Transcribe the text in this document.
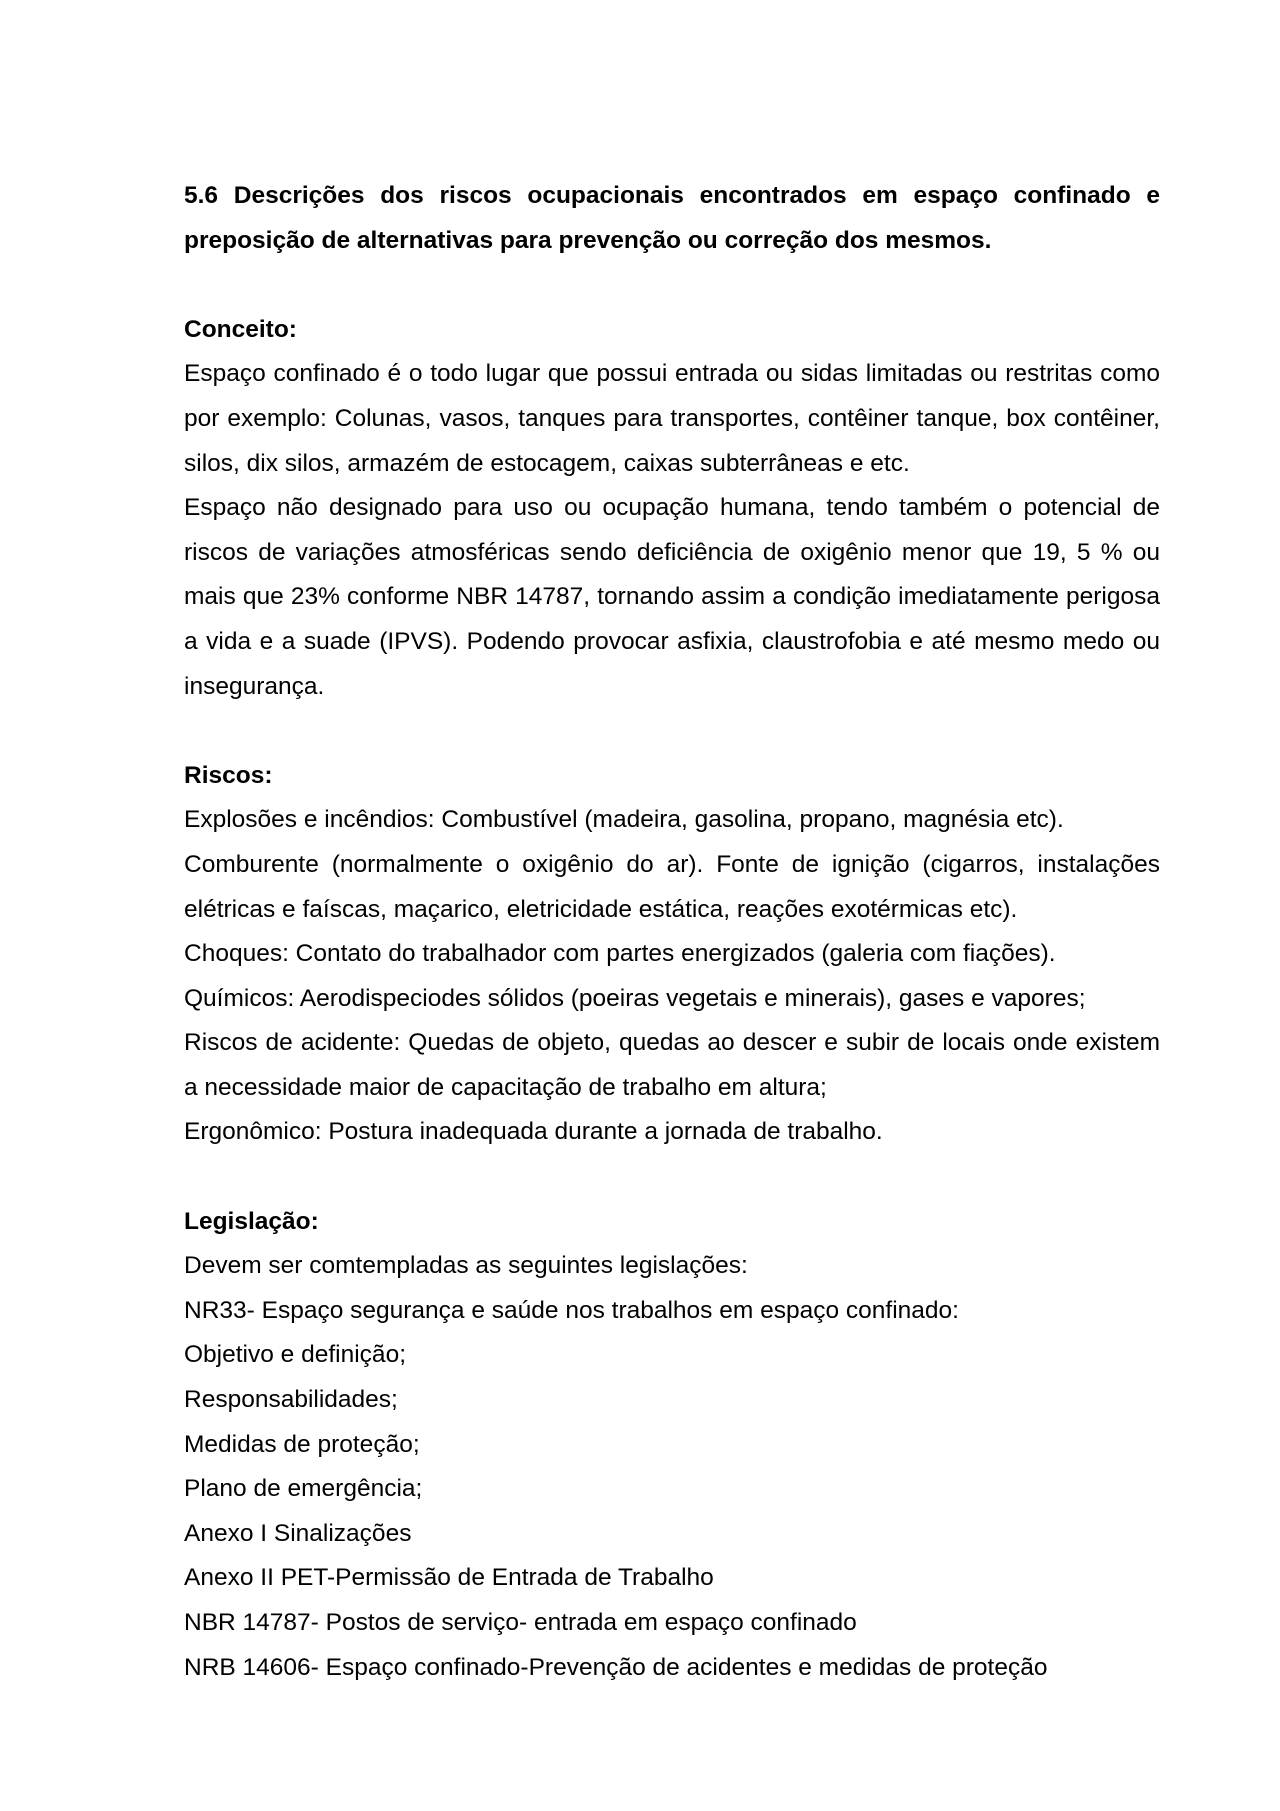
5.6 Descrições dos riscos ocupacionais encontrados em espaço confinado e preposição de alternativas para prevenção ou correção dos mesmos.

Conceito:

Espaço confinado é o todo lugar que possui entrada ou sidas limitadas ou restritas como por exemplo: Colunas, vasos, tanques para transportes, contêiner tanque, box contêiner, silos, dix silos, armazém de estocagem, caixas subterrâneas e etc.

Espaço não designado para uso ou ocupação humana, tendo também o potencial de riscos de variações atmosféricas sendo deficiência de oxigênio menor que 19, 5 % ou mais que 23% conforme NBR 14787, tornando assim a condição imediatamente perigosa a vida e a suade (IPVS). Podendo provocar asfixia, claustrofobia e até mesmo medo ou insegurança.

Riscos:

Explosões e incêndios: Combustível (madeira, gasolina, propano, magnésia etc).

Comburente (normalmente o oxigênio do ar). Fonte de ignição (cigarros, instalações elétricas e faíscas, maçarico, eletricidade estática, reações exotérmicas etc).

Choques: Contato do trabalhador com partes energizados (galeria com fiações).

Químicos: Aerodispeciodes sólidos (poeiras vegetais e minerais), gases e vapores;

Riscos de acidente: Quedas de objeto, quedas ao descer e subir de locais onde existem a necessidade maior de capacitação de trabalho em altura;

Ergonômico: Postura inadequada durante a jornada de trabalho.

Legislação:

Devem ser comtempladas as seguintes legislações:

NR33- Espaço segurança e saúde nos trabalhos em espaço confinado:

Objetivo e definição;

Responsabilidades;

Medidas de proteção;

Plano de emergência;

Anexo I Sinalizações

Anexo II PET-Permissão de Entrada de Trabalho

NBR 14787- Postos de serviço- entrada em espaço confinado

NRB 14606- Espaço confinado-Prevenção de acidentes e medidas de proteção
